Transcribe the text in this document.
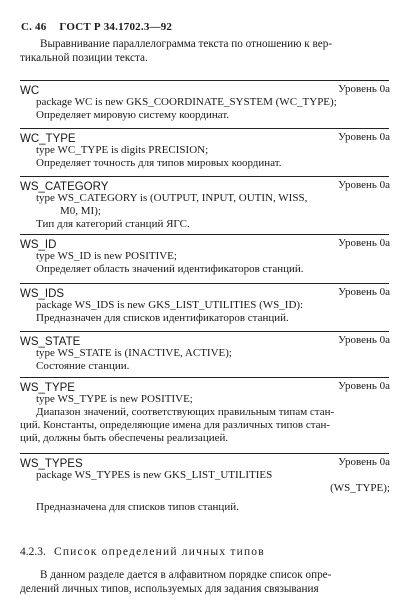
С. 46 ГОСТ Р 34.1702.3—92
Выравнивание параллелограмма текста по отношению к вер-
тикальной позиции текста.
WC	Уровень 0а
package WC is new GKS_COORDINATE_SYSTEM (WC_TYPE);
Определяет мировую систему координат.
WC_TYPE	Уровень 0а
type WC_TYPE is digits PRECISION;
Определяет точность для типов мировых координат.
WS_CATEGORY	Уровень 0а
type WS_CATEGORY is (OUTPUT, INPUT, OUTIN, WISS,
M0, MI);
Тип для категорий станций ЯГС.
WS_ID	Уровень 0а
type WS_ID is new POSITIVE;
Определяет область значений идентификаторов станций.
WS_IDS	Уровень 0а
package WS_IDS is new GKS_LIST_UTILITIES (WS_ID):
Предназначен для списков идентификаторов станций.
WS_STATE	Уровень 0а
type WS_STATE is (INACTIVE, ACTIVE);
Состояние станции.
WS_TYPE	Уровень 0а
type WS_TYPE is new POSITIVE;
Диапазон значений, соответствующих правильным типам стан-
ций. Константы, определяющие имена для различных типов стан-
ций, должны быть обеспечены реализацией.
WS_TYPES	Уровень 0а
package WS_TYPES is new GKS_LIST_UTILITIES
(WS_TYPE);
Предназначена для списков типов станций.
4.2.3. Список определений личных типов
В данном разделе дается в алфавитном порядке список опре-
делений личных типов, используемых для задания связывания
